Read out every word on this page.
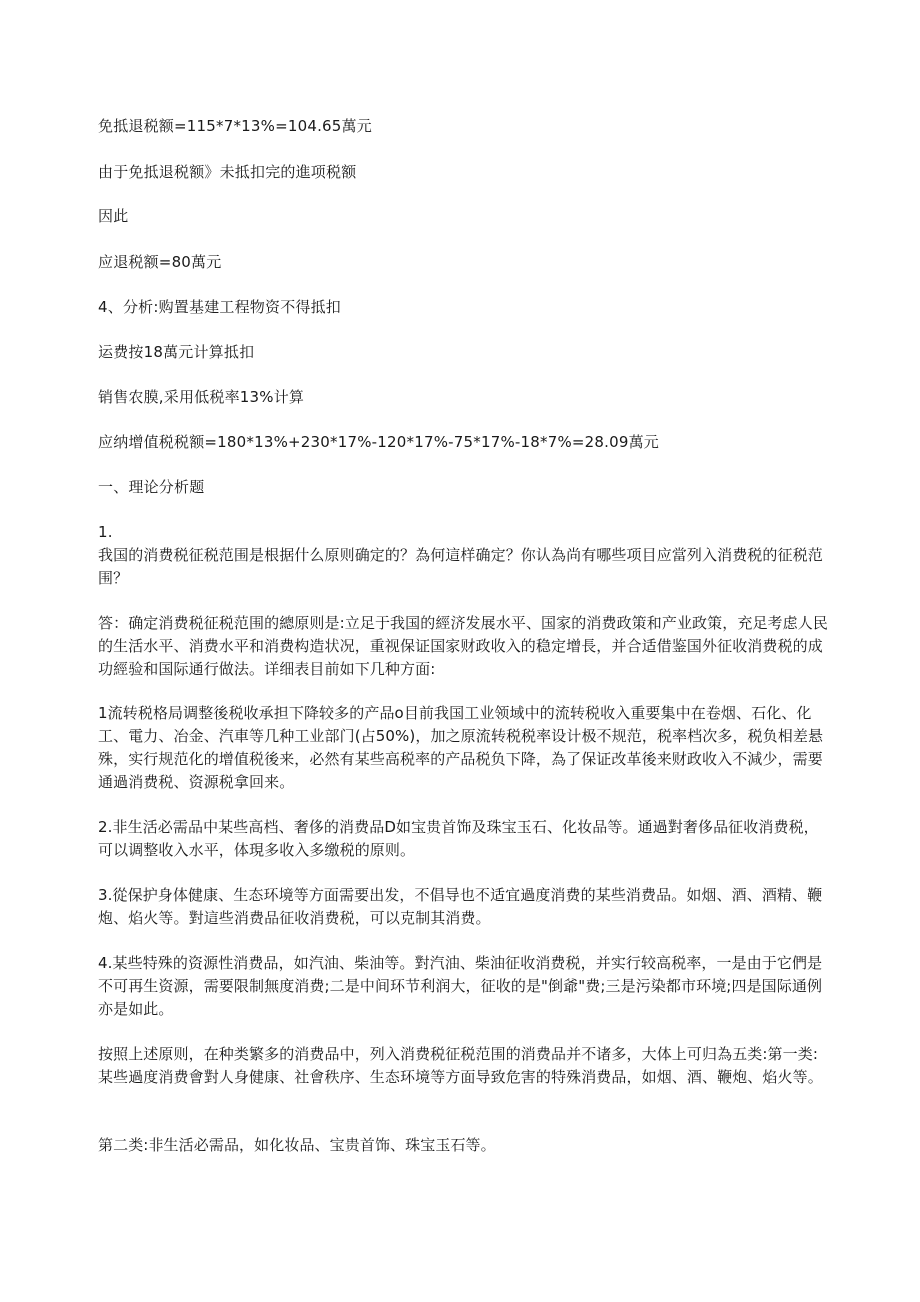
免抵退税额=115*7*13%=104.65萬元
由于免抵退税额》未抵扣完的進项税额
因此
应退税额=80萬元
4、分析:购置基建工程物资不得抵扣
运费按18萬元计算抵扣
销售农膜,采用低税率13%计算
应纳增值税税额=180*13%+230*17%-120*17%-75*17%-18*7%=28.09萬元
一、理论分析题
1.
我国的消费税征税范围是根据什么原则确定的？為何這样确定？你认為尚有哪些项目应當列入消费税的征税范围？
答：确定消费税征税范围的總原则是:立足于我国的經济发展水平、国家的消费政策和产业政策，充足考虑人民的生活水平、消费水平和消费构造状况，重视保证国家财政收入的稳定增長，并合适借鉴国外征收消费税的成功經验和国际通行做法。详细表目前如下几种方面:
1流转税格局调整後税收承担下降较多的产品o目前我国工业领域中的流转税收入重要集中在卷烟、石化、化工、電力、冶金、汽車等几种工业部门(占50%)，加之原流转税税率设计极不规范，税率档次多，税负相差悬殊，实行规范化的增值税後来，必然有某些高税率的产品税负下降，為了保证改革後来财政收入不減少，需要通過消费税、资源税拿回来。
2.非生活必需品中某些高档、奢侈的消费品D如宝贵首饰及珠宝玉石、化妆品等。通過對奢侈品征收消费税，可以调整收入水平，体現多收入多缴税的原则。
3.從保护身体健康、生态环境等方面需要出发，不倡导也不适宜過度消费的某些消费品。如烟、酒、酒精、鞭炮、焰火等。對這些消费品征收消费税，可以克制其消费。
4.某些特殊的资源性消费品，如汽油、柴油等。對汽油、柴油征收消费税，并实行较高税率，一是由于它們是不可再生资源，需要限制無度消费;二是中间环节利润大，征收的是"倒爺"费;三是污染都市环境;四是国际通例亦是如此。
按照上述原则，在种类繁多的消费品中，列入消费税征税范围的消费品并不诸多，大体上可归為五类:第一类:某些過度消费會對人身健康、社會秩序、生态环境等方面导致危害的特殊消费品，如烟、酒、鞭炮、焰火等。
第二类:非生活必需品，如化妆品、宝贵首饰、珠宝玉石等。
